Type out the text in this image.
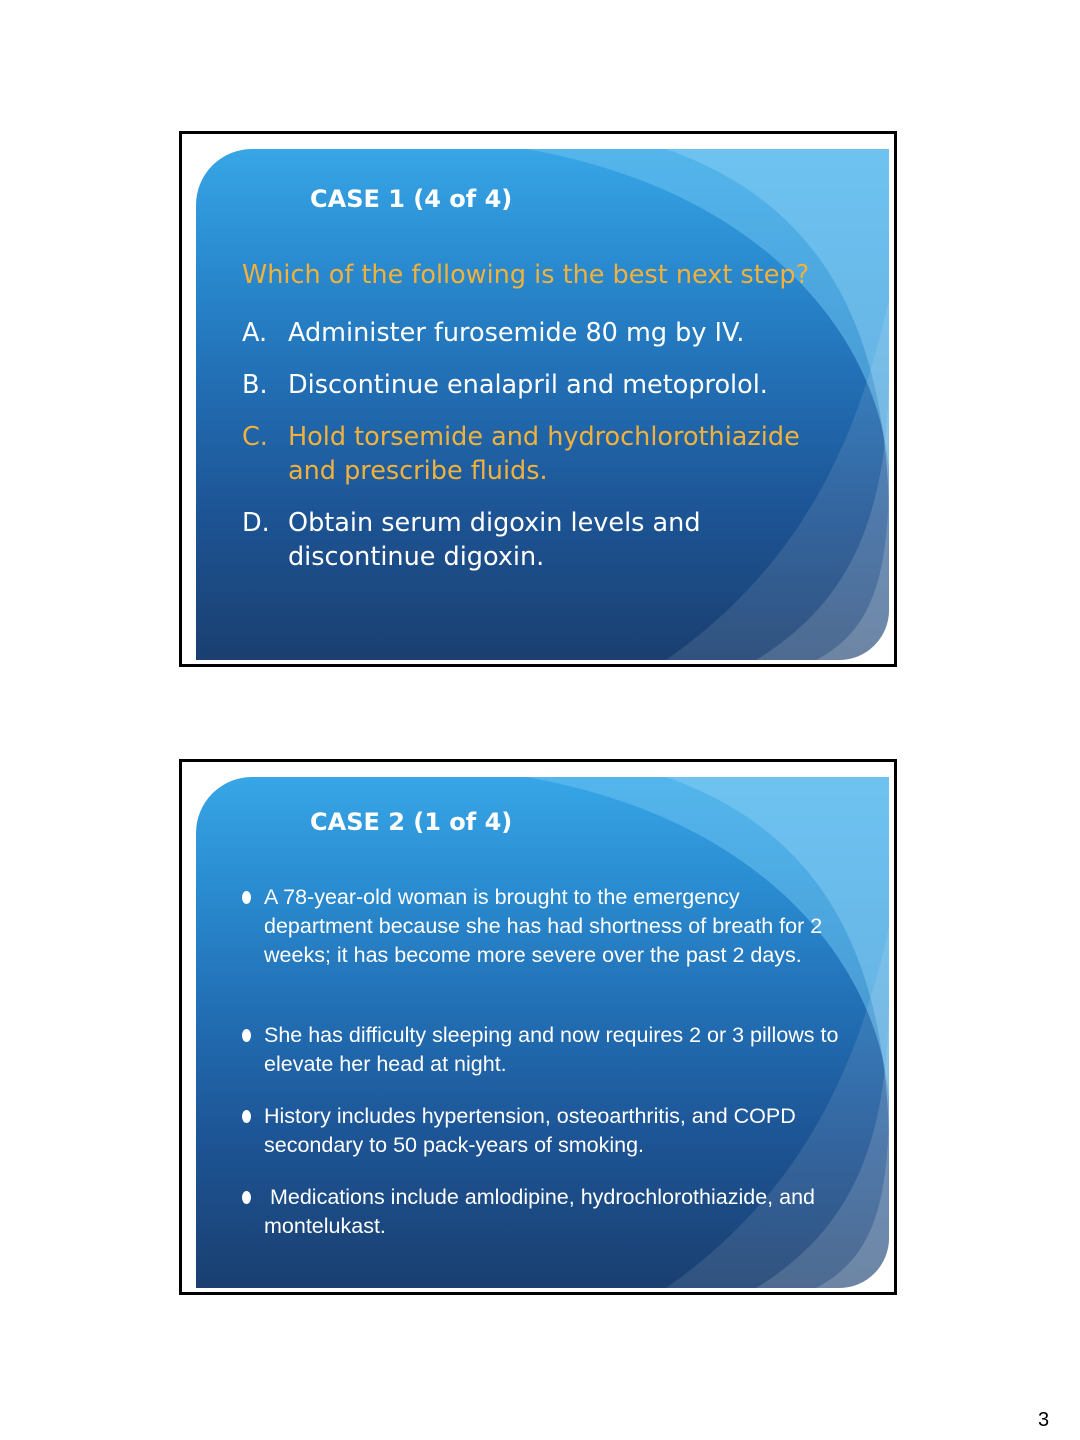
CASE 1 (4 of 4)
Which of the following is the best next step?
A. Administer furosemide 80 mg by IV.
B. Discontinue enalapril and metoprolol.
C. Hold torsemide and hydrochlorothiazide and prescribe fluids.
D. Obtain serum digoxin levels and discontinue digoxin.
CASE 2 (1 of 4)
A 78-year-old woman is brought to the emergency department because she has had shortness of breath for 2 weeks; it has become more severe over the past 2 days.
She has difficulty sleeping and now requires 2 or 3 pillows to elevate her head at night.
History includes hypertension, osteoarthritis, and COPD secondary to 50 pack-years of smoking.
Medications include amlodipine, hydrochlorothiazide, and montelukast.
3
